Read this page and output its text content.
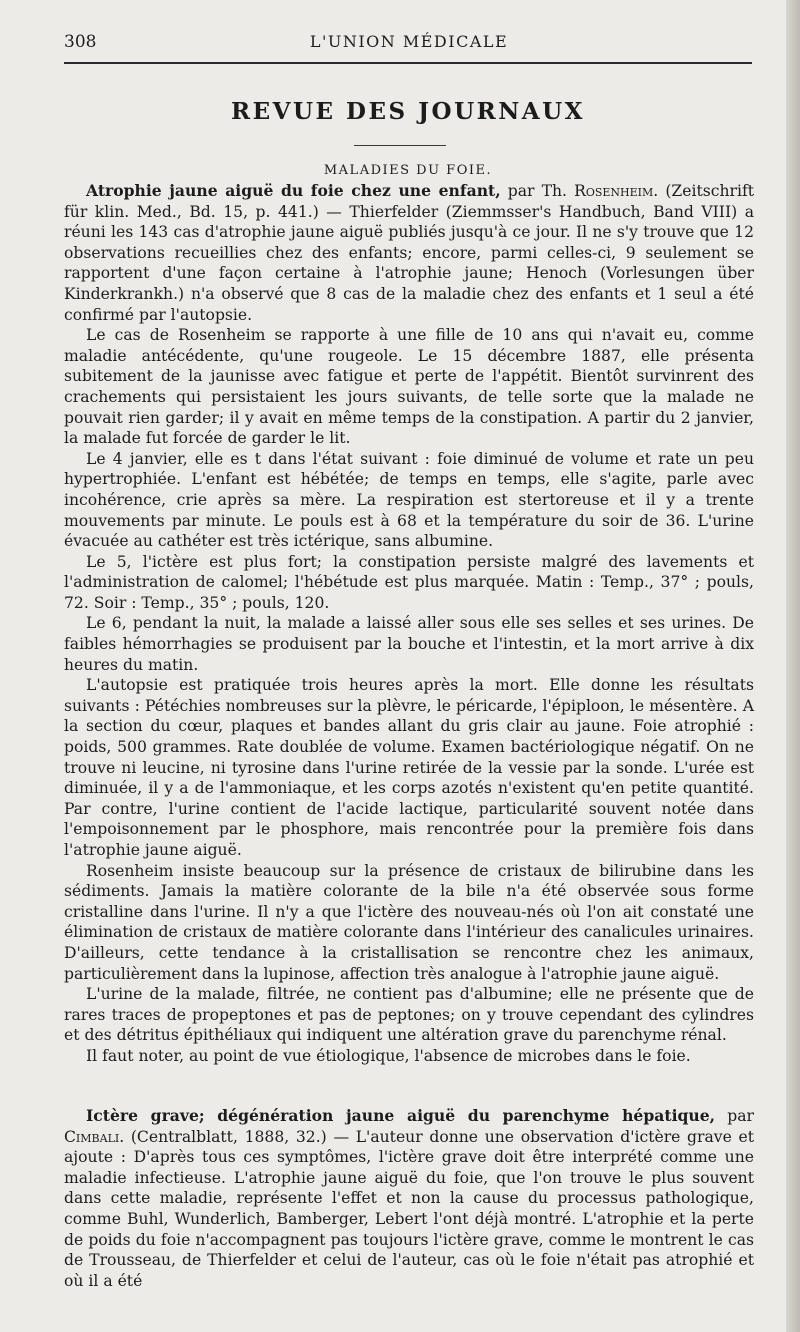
308	L'UNION MÉDICALE
REVUE DES JOURNAUX
MALADIES DU FOIE.

Atrophie jaune aiguë du foie chez une enfant, par Th. Rosenheim. (Zeitschrift für klin. Med., Bd. 15, p. 441.) — Thierfelder (Ziemmsser's Handbuch, Band VIII) a réuni les 143 cas d'atrophie jaune aiguë publiés jusqu'à ce jour. Il ne s'y trouve que 12 observations recueillies chez des enfants; encore, parmi celles-ci, 9 seulement se rapportent d'une façon certaine à l'atrophie jaune; Henoch (Vorlesungen über Kinderkrankh.) n'a observé que 8 cas de la maladie chez des enfants et 1 seul a été confirmé par l'autopsie.

Le cas de Rosenheim se rapporte à une fille de 10 ans qui n'avait eu, comme maladie antécédente, qu'une rougeole. Le 15 décembre 1887, elle présenta subitement de la jaunisse avec fatigue et perte de l'appétit. Bientôt survinrent des crachements qui persistaient les jours suivants, de telle sorte que la malade ne pouvait rien garder; il y avait en même temps de la constipation. A partir du 2 janvier, la malade fut forcée de garder le lit.

Le 4 janvier, elle es t dans l'état suivant : foie diminué de volume et rate un peu hypertrophiée. L'enfant est hébétée; de temps en temps, elle s'agite, parle avec incohérence, crie après sa mère. La respiration est stertoreuse et il y a trente mouvements par minute. Le pouls est à 68 et la température du soir de 36. L'urine évacuée au cathéter est très ictérique, sans albumine.

Le 5, l'ictère est plus fort; la constipation persiste malgré des lavements et l'administration de calomel; l'hébétude est plus marquée. Matin : Temp., 37° ; pouls, 72. Soir : Temp., 35° ; pouls, 120.

Le 6, pendant la nuit, la malade a laissé aller sous elle ses selles et ses urines. De faibles hémorrhagies se produisent par la bouche et l'intestin, et la mort arrive à dix heures du matin.

L'autopsie est pratiquée trois heures après la mort. Elle donne les résultats suivants : Pétéchies nombreuses sur la plèvre, le péricarde, l'épiploon, le mésentère. A la section du cœur, plaques et bandes allant du gris clair au jaune. Foie atrophié : poids, 500 grammes. Rate doublée de volume. Examen bactériologique négatif. On ne trouve ni leucine, ni tyrosine dans l'urine retirée de la vessie par la sonde. L'urée est diminuée, il y a de l'ammoniaque, et les corps azotés n'existent qu'en petite quantité. Par contre, l'urine contient de l'acide lactique, particularité souvent notée dans l'empoisonnement par le phosphore, mais rencontrée pour la première fois dans l'atrophie jaune aiguë.

Rosenheim insiste beaucoup sur la présence de cristaux de bilirubine dans les sédiments. Jamais la matière colorante de la bile n'a été observée sous forme cristalline dans l'urine. Il n'y a que l'ictère des nouveau-nés où l'on ait constaté une élimination de cristaux de matière colorante dans l'intérieur des canalicules urinaires. D'ailleurs, cette tendance à la cristallisation se rencontre chez les animaux, particulièrement dans la lupinose, affection très analogue à l'atrophie jaune aiguë.

L'urine de la malade, filtrée, ne contient pas d'albumine; elle ne présente que de rares traces de propeptones et pas de peptones; on y trouve cependant des cylindres et des détritus épithéliaux qui indiquent une altération grave du parenchyme rénal.

Il faut noter, au point de vue étiologique, l'absence de microbes dans le foie.

Ictère grave; dégénération jaune aiguë du parenchyme hépatique, par Cimbali. (Centralblatt, 1888, 32.) — L'auteur donne une observation d'ictère grave et ajoute : D'après tous ces symptômes, l'ictère grave doit être interprété comme une maladie infectieuse. L'atrophie jaune aiguë du foie, que l'on trouve le plus souvent dans cette maladie, représente l'effet et non la cause du processus pathologique, comme Buhl, Wunderlich, Bamberger, Lebert l'ont déjà montré. L'atrophie et la perte de poids du foie n'accompagnent pas toujours l'ictère grave, comme le montrent le cas de Trousseau, de Thierfelder et celui de l'auteur, cas où le foie n'était pas atrophié et où il a été
